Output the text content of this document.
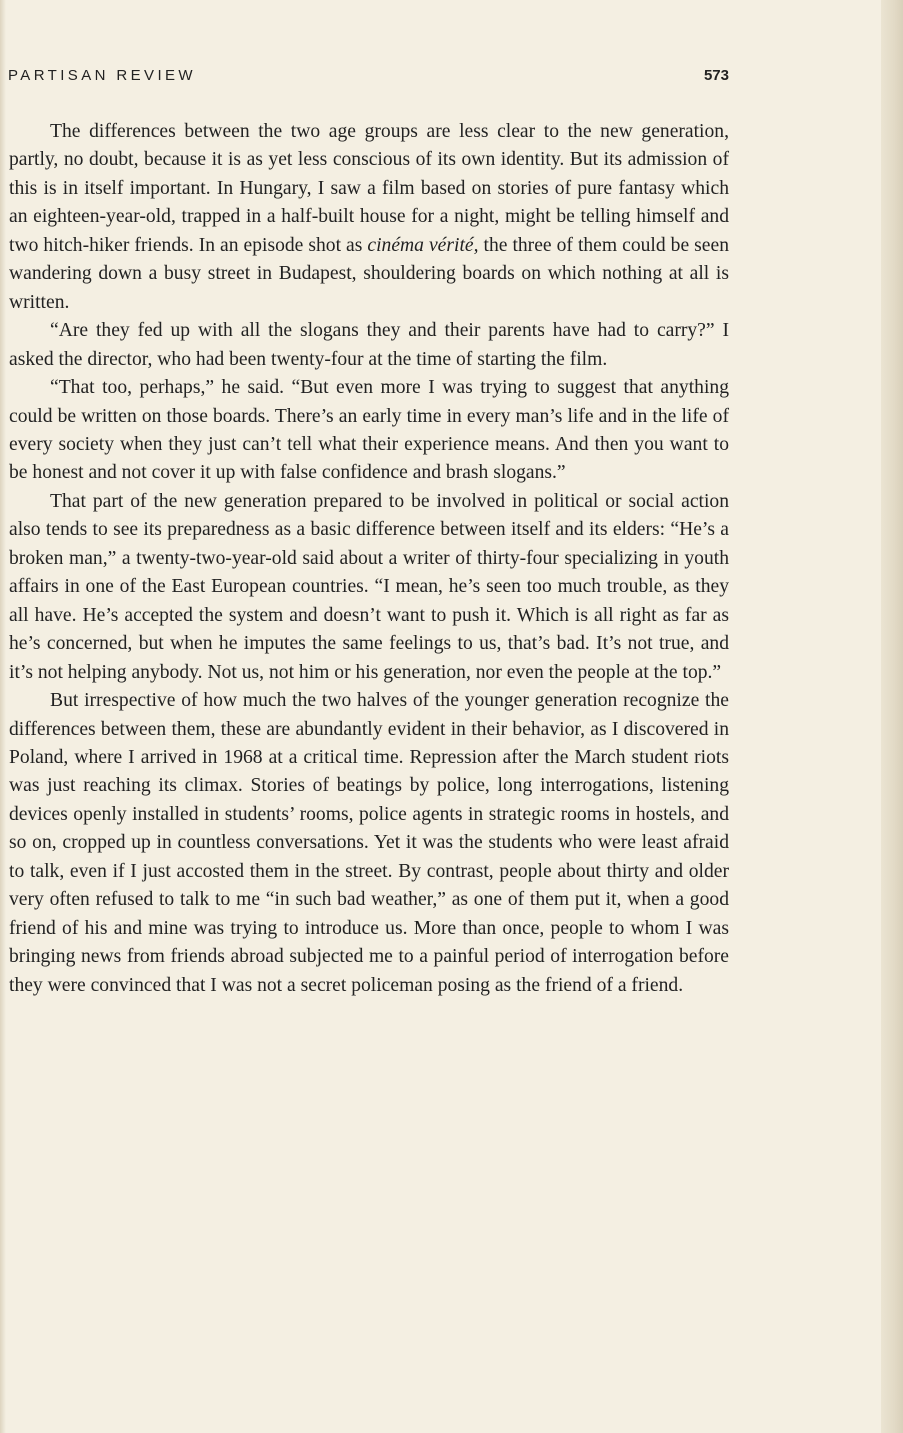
PARTISAN REVIEW	573

The differences between the two age groups are less clear to the new generation, partly, no doubt, because it is as yet less conscious of its own identity. But its admission of this is in itself important. In Hungary, I saw a film based on stories of pure fantasy which an eighteen-year-old, trapped in a half-built house for a night, might be telling himself and two hitch-hiker friends. In an episode shot as cinéma vérité, the three of them could be seen wandering down a busy street in Budapest, shouldering boards on which nothing at all is written.

“Are they fed up with all the slogans they and their parents have had to carry?” I asked the director, who had been twenty-four at the time of starting the film.

“That too, perhaps,” he said. “But even more I was trying to suggest that anything could be written on those boards. There’s an early time in every man’s life and in the life of every society when they just can’t tell what their experience means. And then you want to be honest and not cover it up with false confidence and brash slogans.”

That part of the new generation prepared to be involved in political or social action also tends to see its preparedness as a basic difference between itself and its elders: “He’s a broken man,” a twenty-two-year-old said about a writer of thirty-four specializing in youth affairs in one of the East European countries. “I mean, he’s seen too much trouble, as they all have. He’s accepted the system and doesn’t want to push it. Which is all right as far as he’s concerned, but when he imputes the same feelings to us, that’s bad. It’s not true, and it’s not helping anybody. Not us, not him or his generation, nor even the people at the top.”

But irrespective of how much the two halves of the younger generation recognize the differences between them, these are abundantly evident in their behavior, as I discovered in Poland, where I arrived in 1968 at a critical time. Repression after the March student riots was just reaching its climax. Stories of beatings by police, long interrogations, listening devices openly installed in students’ rooms, police agents in strategic rooms in hostels, and so on, cropped up in countless conversations. Yet it was the students who were least afraid to talk, even if I just accosted them in the street. By contrast, people about thirty and older very often refused to talk to me “in such bad weather,” as one of them put it, when a good friend of his and mine was trying to introduce us. More than once, people to whom I was bringing news from friends abroad subjected me to a painful period of interrogation before they were convinced that I was not a secret policeman posing as the friend of a friend.
